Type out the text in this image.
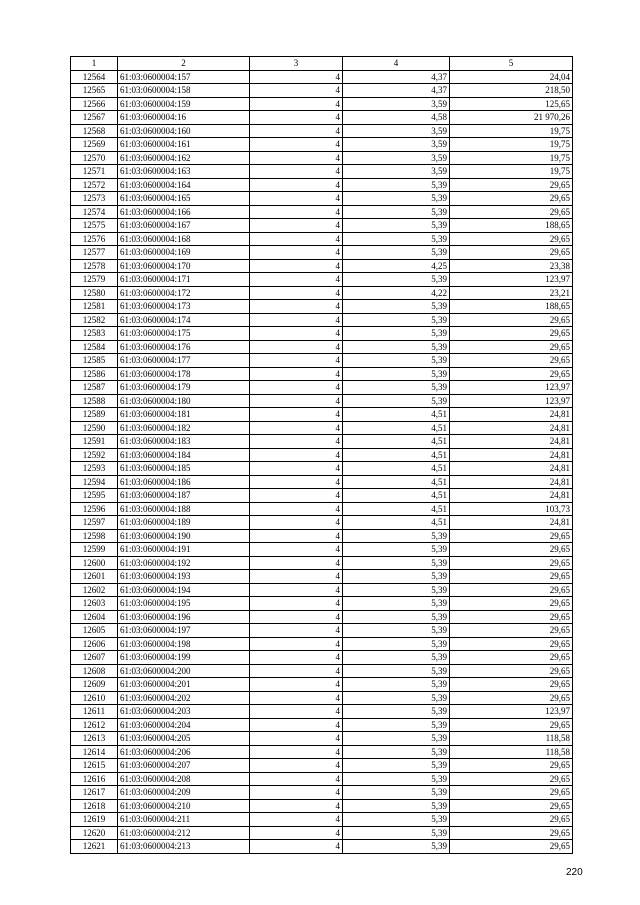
1	2	3	4	5
12564	61:03:0600004:157	4	4,37	24,04
12565	61:03:0600004:158	4	4,37	218,50
12566	61:03:0600004:159	4	3,59	125,65
12567	61:03:0600004:16	4	4,58	21 970,26
12568	61:03:0600004:160	4	3,59	19,75
12569	61:03:0600004:161	4	3,59	19,75
12570	61:03:0600004:162	4	3,59	19,75
12571	61:03:0600004:163	4	3,59	19,75
12572	61:03:0600004:164	4	5,39	29,65
12573	61:03:0600004:165	4	5,39	29,65
12574	61:03:0600004:166	4	5,39	29,65
12575	61:03:0600004:167	4	5,39	188,65
12576	61:03:0600004:168	4	5,39	29,65
12577	61:03:0600004:169	4	5,39	29,65
12578	61:03:0600004:170	4	4,25	23,38
12579	61:03:0600004:171	4	5,39	123,97
12580	61:03:0600004:172	4	4,22	23,21
12581	61:03:0600004:173	4	5,39	188,65
12582	61:03:0600004:174	4	5,39	29,65
12583	61:03:0600004:175	4	5,39	29,65
12584	61:03:0600004:176	4	5,39	29,65
12585	61:03:0600004:177	4	5,39	29,65
12586	61:03:0600004:178	4	5,39	29,65
12587	61:03:0600004:179	4	5,39	123,97
12588	61:03:0600004:180	4	5,39	123,97
12589	61:03:0600004:181	4	4,51	24,81
12590	61:03:0600004:182	4	4,51	24,81
12591	61:03:0600004:183	4	4,51	24,81
12592	61:03:0600004:184	4	4,51	24,81
12593	61:03:0600004:185	4	4,51	24,81
12594	61:03:0600004:186	4	4,51	24,81
12595	61:03:0600004:187	4	4,51	24,81
12596	61:03:0600004:188	4	4,51	103,73
12597	61:03:0600004:189	4	4,51	24,81
12598	61:03:0600004:190	4	5,39	29,65
12599	61:03:0600004:191	4	5,39	29,65
12600	61:03:0600004:192	4	5,39	29,65
12601	61:03:0600004:193	4	5,39	29,65
12602	61:03:0600004:194	4	5,39	29,65
12603	61:03:0600004:195	4	5,39	29,65
12604	61:03:0600004:196	4	5,39	29,65
12605	61:03:0600004:197	4	5,39	29,65
12606	61:03:0600004:198	4	5,39	29,65
12607	61:03:0600004:199	4	5,39	29,65
12608	61:03:0600004:200	4	5,39	29,65
12609	61:03:0600004:201	4	5,39	29,65
12610	61:03:0600004:202	4	5,39	29,65
12611	61:03:0600004:203	4	5,39	123,97
12612	61:03:0600004:204	4	5,39	29,65
12613	61:03:0600004:205	4	5,39	118,58
12614	61:03:0600004:206	4	5,39	118,58
12615	61:03:0600004:207	4	5,39	29,65
12616	61:03:0600004:208	4	5,39	29,65
12617	61:03:0600004:209	4	5,39	29,65
12618	61:03:0600004:210	4	5,39	29,65
12619	61:03:0600004:211	4	5,39	29,65
12620	61:03:0600004:212	4	5,39	29,65
12621	61:03:0600004:213	4	5,39	29,65
220
